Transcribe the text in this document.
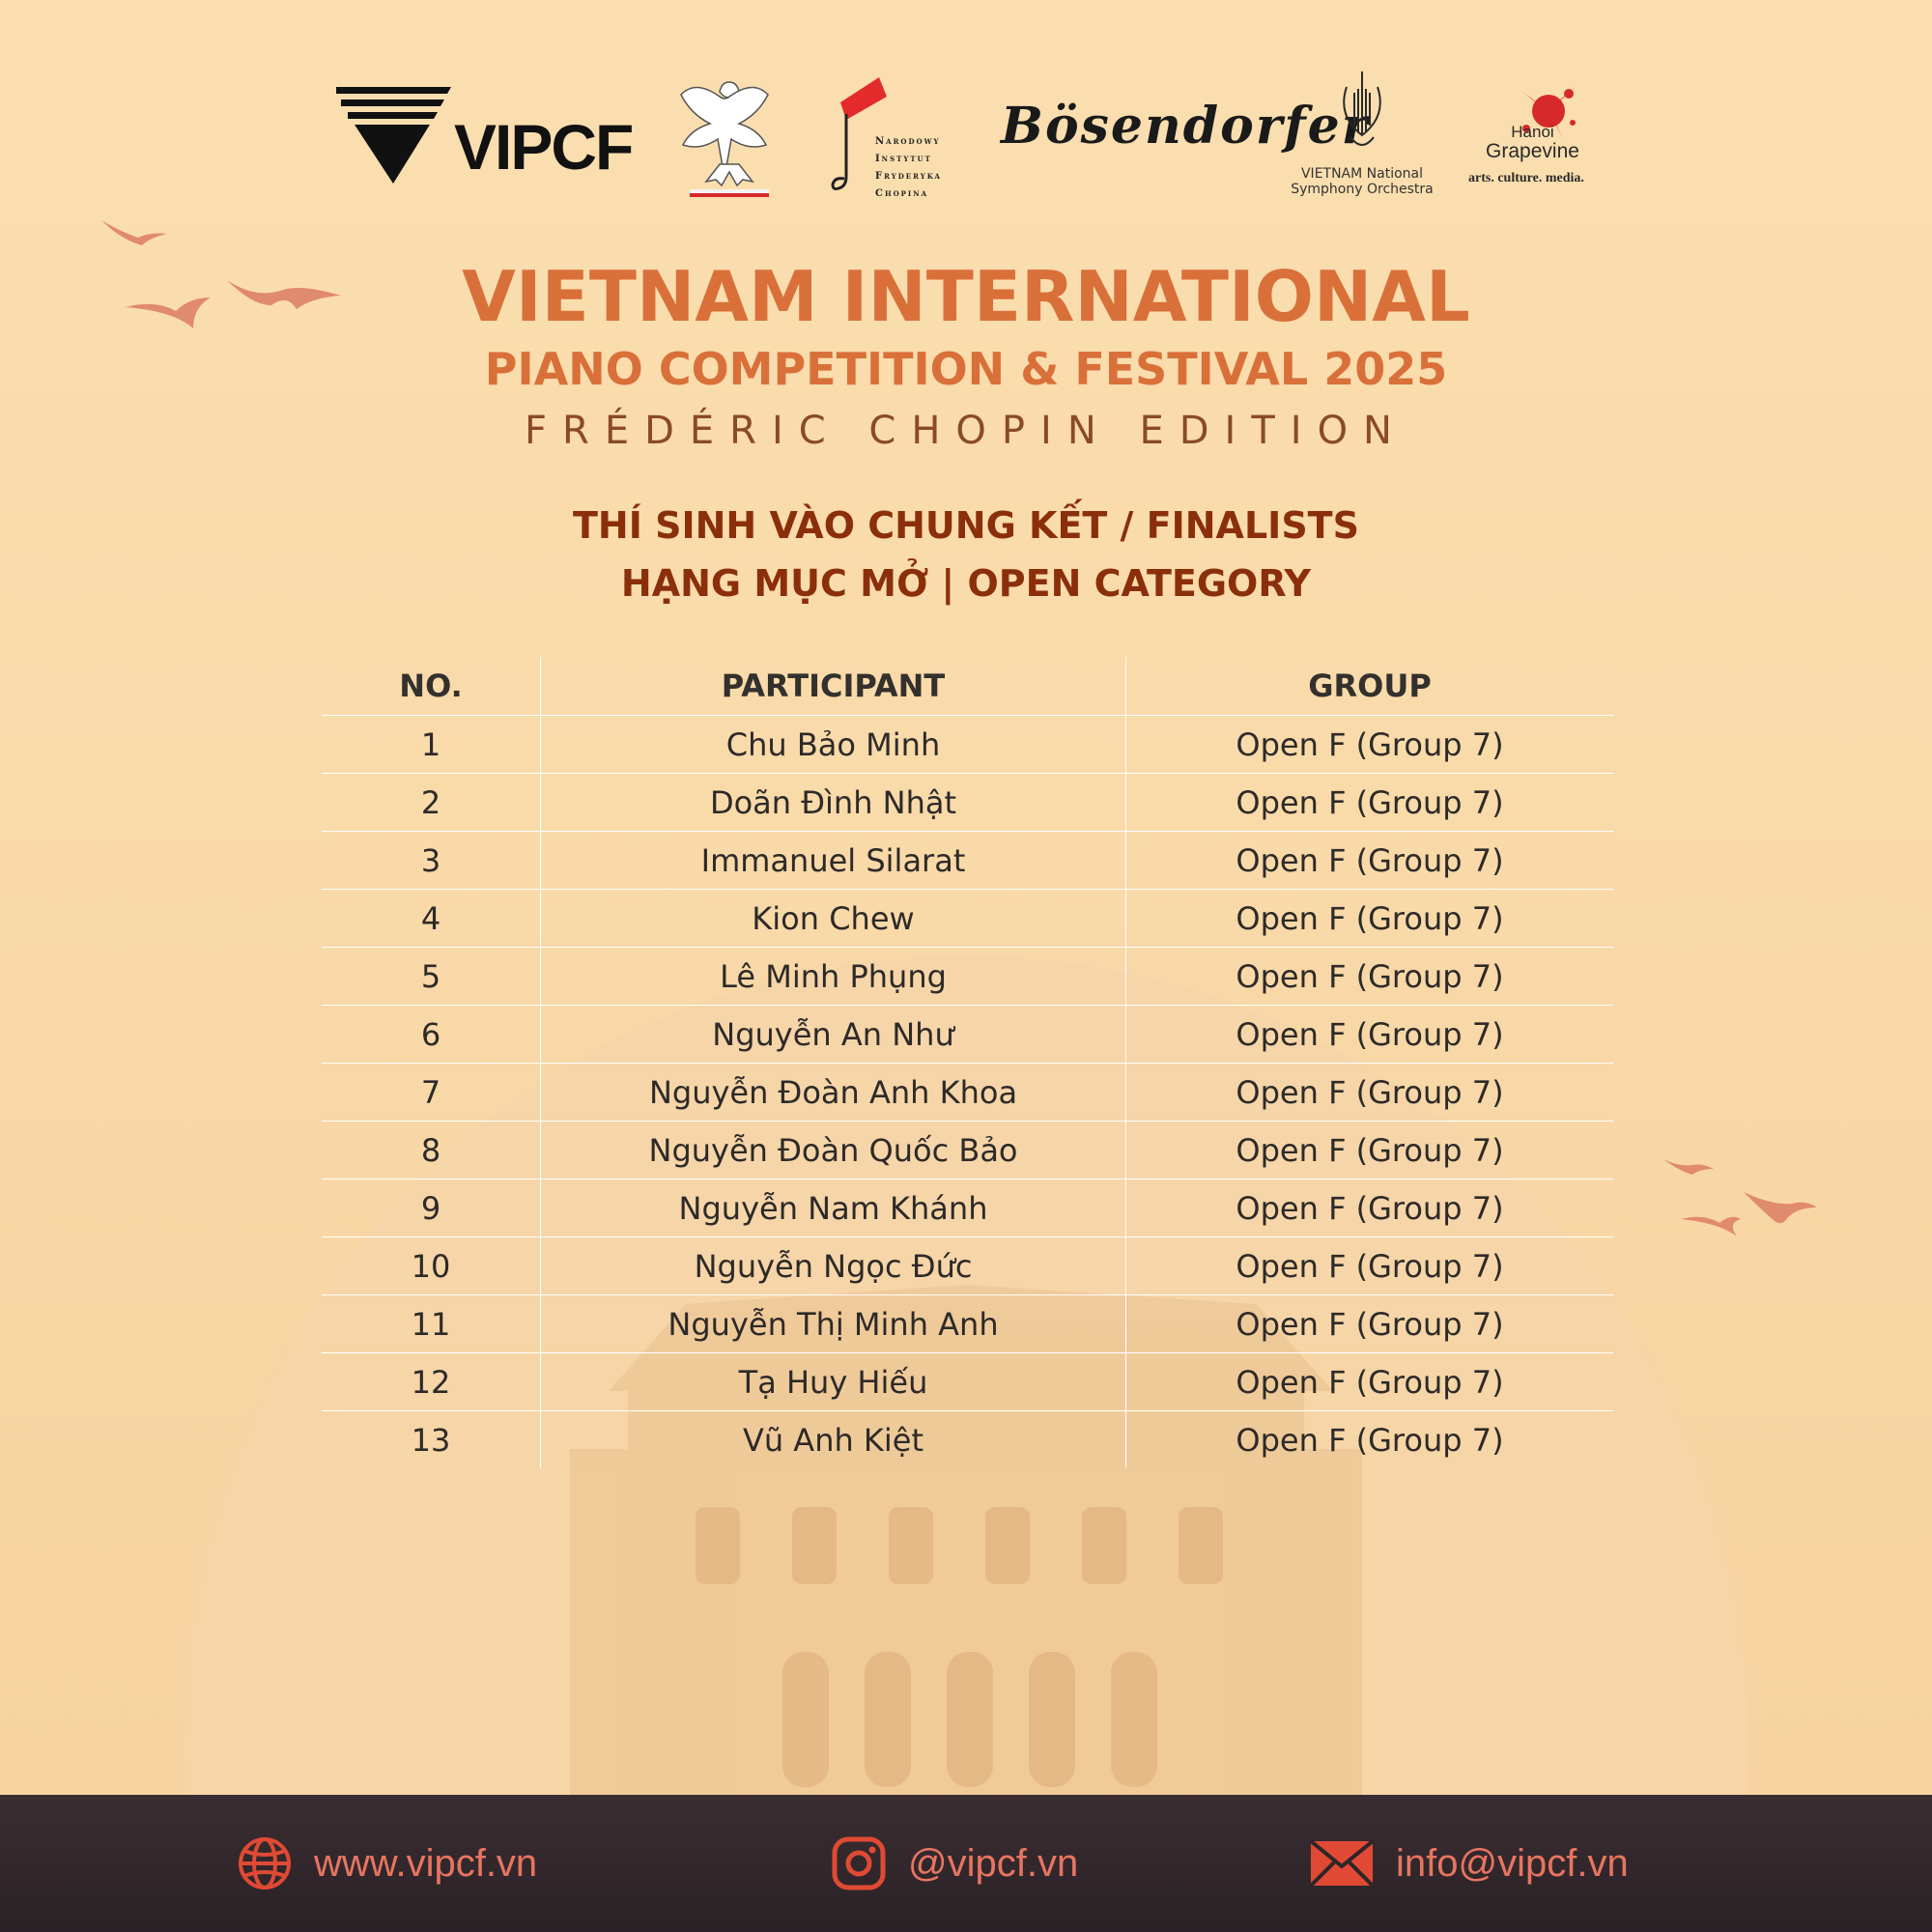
VIPCF	Narodowy
Instytut
Fryderyka
Chopina
Bösendorfer
VIETNAM National
Symphony Orchestra
Hanoi
Grapevine
arts. culture. media.
VIETNAM INTERNATIONAL
PIANO COMPETITION & FESTIVAL 2025
FRÉDÉRIC CHOPIN EDITION
THÍ SINH VÀO CHUNG KẾT / FINALISTS
HẠNG MỤC MỞ | OPEN CATEGORY
NO.	PARTICIPANT	GROUP
1	Chu Bảo Minh	Open F (Group 7)
2	Doãn Đình Nhật	Open F (Group 7)
3	Immanuel Silarat	Open F (Group 7)
4	Kion Chew	Open F (Group 7)
5	Lê Minh Phụng	Open F (Group 7)
6	Nguyễn An Như	Open F (Group 7)
7	Nguyễn Đoàn Anh Khoa	Open F (Group 7)
8	Nguyễn Đoàn Quốc Bảo	Open F (Group 7)
9	Nguyễn Nam Khánh	Open F (Group 7)
10	Nguyễn Ngọc Đức	Open F (Group 7)
11	Nguyễn Thị Minh Anh	Open F (Group 7)
12	Tạ Huy Hiếu	Open F (Group 7)
13	Vũ Anh Kiệt	Open F (Group 7)
www.vipcf.vn	@vipcf.vn	info@vipcf.vn
